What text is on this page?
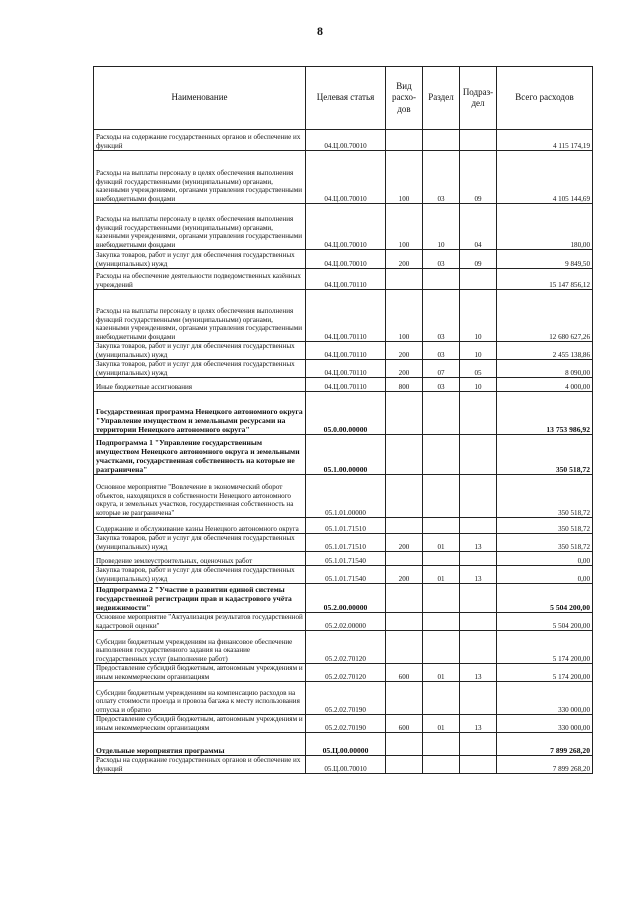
8
Наименование	Целевая статья	Вид расхо-дов	Раздел	Подраз-дел	Всего расходов
Расходы на содержание государственных органов и обеспечение их функций	04.Ц.00.70010				4 115 174,19
Расходы на выплаты персоналу в целях обеспечения выполнения функций государственными (муниципальными) органами, казенными учреждениями, органами управления государственными внебюджетными фондами	04.Ц.00.70010	100	03	09	4 105 144,69
Расходы на выплаты персоналу в целях обеспечения выполнения функций государственными (муниципальными) органами, казенными учреждениями, органами управления государственными внебюджетными фондами	04.Ц.00.70010	100	10	04	180,00
Закупка товаров, работ и услуг для обеспечения государственных (муниципальных) нужд	04.Ц.00.70010	200	03	09	9 849,50
Расходы на обеспечение деятельности подведомственных казённых учреждений	04.Ц.00.70110				15 147 856,12
Расходы на выплаты персоналу в целях обеспечения выполнения функций государственными (муниципальными) органами, казенными учреждениями, органами управления государственными внебюджетными фондами	04.Ц.00.70110	100	03	10	12 680 627,26
Закупка товаров, работ и услуг для обеспечения государственных (муниципальных) нужд	04.Ц.00.70110	200	03	10	2 455 138,86
Закупка товаров, работ и услуг для обеспечения государственных (муниципальных) нужд	04.Ц.00.70110	200	07	05	8 090,00
Иные бюджетные ассигнования	04.Ц.00.70110	800	03	10	4 000,00
Государственная программа Ненецкого автономного округа "Управление имуществом и земельными ресурсами на территории Ненецкого автономного округа"	05.0.00.00000				13 753 986,92
Подпрограмма 1 "Управление государственным имуществом Ненецкого автономного округа и земельными участками, государственная собственность на которые не разграничена"	05.1.00.00000				350 518,72
Основное мероприятие "Вовлечение в экономический оборот объектов, находящихся в собственности Ненецкого автономного округа, и земельных участков, государственная собственность на которые не разграничена"	05.1.01.00000				350 518,72
Содержание и обслуживание казны Ненецкого автономного округа	05.1.01.71510				350 518,72
Закупка товаров, работ и услуг для обеспечения государственных (муниципальных) нужд	05.1.01.71510	200	01	13	350 518,72
Проведение землеустроительных, оценочных работ	05.1.01.71540				0,00
Закупка товаров, работ и услуг для обеспечения государственных (муниципальных) нужд	05.1.01.71540	200	01	13	0,00
Подпрограмма 2 "Участие в развитии единой системы государственной регистрации прав и кадастрового учёта недвижимости"	05.2.00.00000				5 504 200,00
Основное мероприятие "Актуализация результатов государственной кадастровой оценки"	05.2.02.00000				5 504 200,00
Субсидии бюджетным учреждениям на финансовое обеспечение выполнения государственного задания на оказание государственных услуг (выполнение работ)	05.2.02.70120				5 174 200,00
Предоставление субсидий бюджетным, автономным учреждениям и иным некоммерческим организациям	05.2.02.70120	600	01	13	5 174 200,00
Субсидии бюджетным учреждениям на компенсацию расходов на оплату стоимости проезда и провоза багажа к месту использования отпуска и обратно	05.2.02.70190				330 000,00
Предоставление субсидий бюджетным, автономным учреждениям и иным некоммерческим организациям	05.2.02.70190	600	01	13	330 000,00
Отдельные мероприятия программы	05.Ц.00.00000				7 899 268,20
Расходы на содержание государственных органов и обеспечение их функций	05.Ц.00.70010				7 899 268,20
